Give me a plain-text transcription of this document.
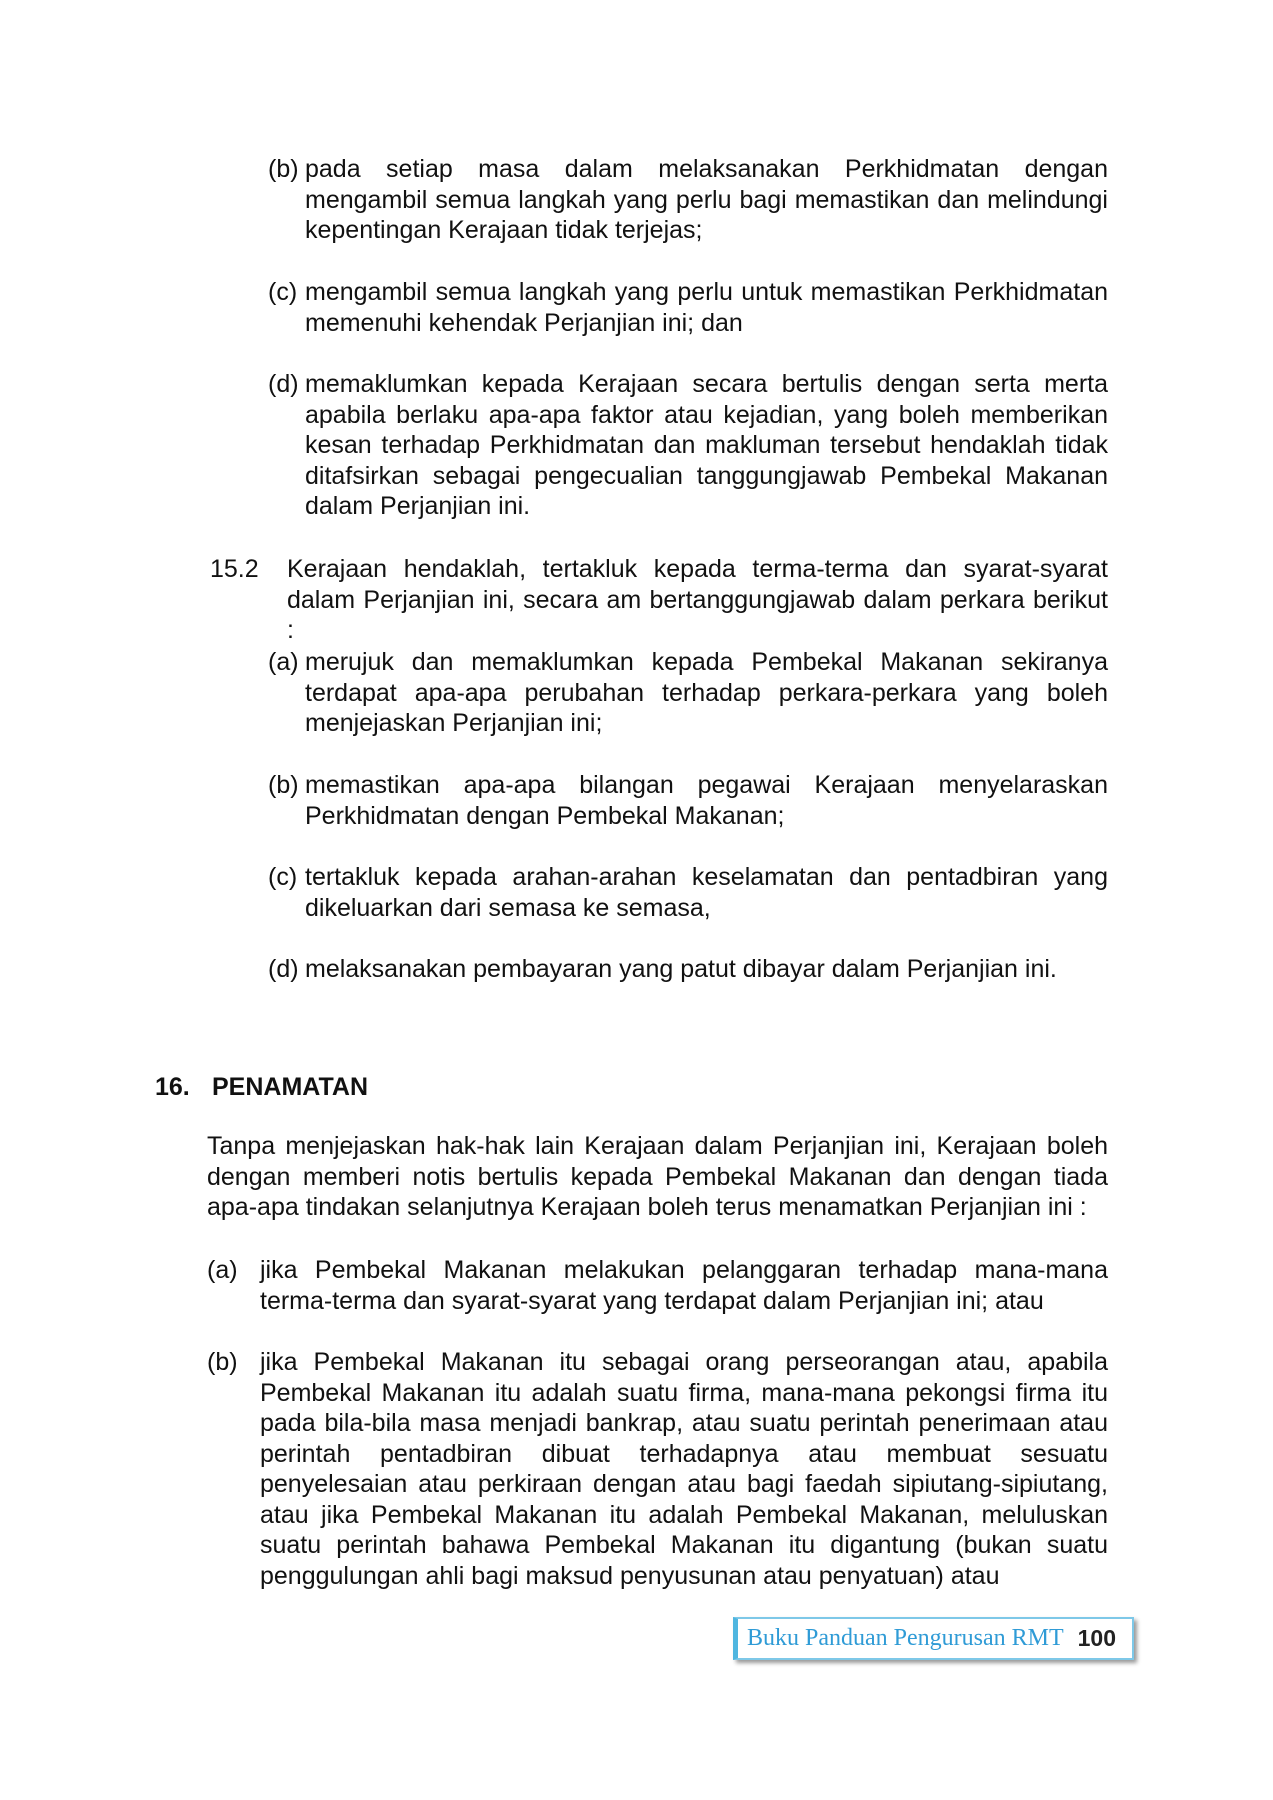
(b) pada setiap masa dalam melaksanakan Perkhidmatan dengan mengambil semua langkah yang perlu bagi memastikan dan melindungi kepentingan Kerajaan tidak terjejas;
(c) mengambil semua langkah yang perlu untuk memastikan Perkhidmatan memenuhi kehendak Perjanjian ini; dan
(d) memaklumkan kepada Kerajaan secara bertulis dengan serta merta apabila berlaku apa-apa faktor atau kejadian, yang boleh memberikan kesan terhadap Perkhidmatan dan makluman tersebut hendaklah tidak ditafsirkan sebagai pengecualian tanggungjawab Pembekal Makanan dalam Perjanjian ini.
15.2 Kerajaan hendaklah, tertakluk kepada terma-terma dan syarat-syarat dalam Perjanjian ini, secara am bertanggungjawab dalam perkara berikut :
(a) merujuk dan memaklumkan kepada Pembekal Makanan sekiranya terdapat apa-apa perubahan terhadap perkara-perkara yang boleh menjejaskan Perjanjian ini;
(b) memastikan apa-apa bilangan pegawai Kerajaan menyelaraskan Perkhidmatan dengan Pembekal Makanan;
(c) tertakluk kepada arahan-arahan keselamatan dan pentadbiran yang dikeluarkan dari semasa ke semasa,
(d) melaksanakan pembayaran yang patut dibayar dalam Perjanjian ini.
16. PENAMATAN
Tanpa menjejaskan hak-hak lain Kerajaan dalam Perjanjian ini, Kerajaan boleh dengan memberi notis bertulis kepada Pembekal Makanan dan dengan tiada apa-apa tindakan selanjutnya Kerajaan boleh terus menamatkan Perjanjian ini :
(a) jika Pembekal Makanan melakukan pelanggaran terhadap mana-mana terma-terma dan syarat-syarat yang terdapat dalam Perjanjian ini; atau
(b) jika Pembekal Makanan itu sebagai orang perseorangan atau, apabila Pembekal Makanan itu adalah suatu firma, mana-mana pekongsi firma itu pada bila-bila masa menjadi bankrap, atau suatu perintah penerimaan atau perintah pentadbiran dibuat terhadapnya atau membuat sesuatu penyelesaian atau perkiraan dengan atau bagi faedah sipiutang-sipiutang, atau jika Pembekal Makanan itu adalah Pembekal Makanan, meluluskan suatu perintah bahawa Pembekal Makanan itu digantung (bukan suatu penggulungan ahli bagi maksud penyusunan atau penyatuan) atau
Buku Panduan Pengurusan RMT 100
